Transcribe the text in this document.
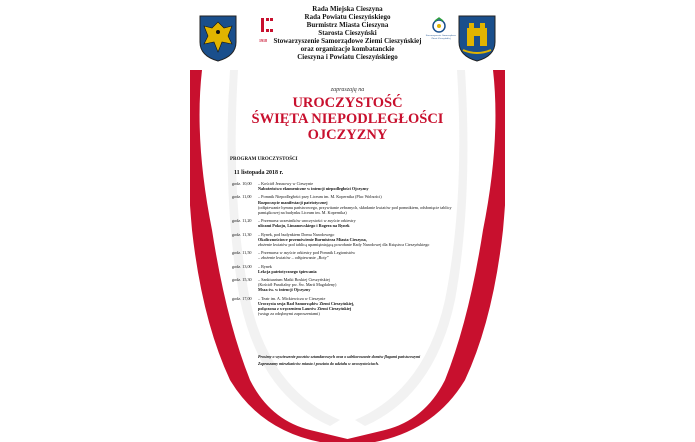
1918
Stowarzyszenie Samorządowe Ziemi Cieszyńskiej
Rada Miejska Cieszyna
Rada Powiatu Cieszyńskiego
Burmistrz Miasta Cieszyna
Starosta Cieszyński
Stowarzyszenie Samorządowe Ziemi Cieszyńskiej
oraz organizacje kombatanckie
Cieszyna i Powiatu Cieszyńskiego
zapraszają na
UROCZYSTOŚĆ
ŚWIĘTA NIEPODLEGŁOŚCI
OJCZYZNY
PROGRAM UROCZYSTOŚCI
11 listopada 2018 r.
godz. 10,00	– Kościół Jezusowy w Cieszynie
Nabożeństwo ekumeniczne w intencji niepodległości Ojczyzny
godz. 11,00	– Pomnik Niepodległości przy Liceum im. M. Kopernika (Plac Wolności)
Rozpoczęcie manifestacji patriotycznej
(odśpiewanie hymnu państwowego, przywitanie zebranych, składanie kwiatów pod pomnikiem, odsłonięcie tablicy pamiątkowej na budynku Liceum im. M. Kopernika)
godz. 11,20	– Przemarsz uczestników uroczystości w asyście orkiestry
ulicami Pokoju, Limanowskiego i Rogera na Rynek
godz. 11,30	– Rynek, pod budynkiem Domu Narodowego
Okolicznościowe przemówienie Burmistrza Miasta Cieszyna,
złożenie kwiatów pod tablicą upamiętniającą powołanie Rady Narodowej dla Księstwa Cieszyńskiego
godz. 11,50	– Przemarsz w asyście orkiestry pod Pomnik Legionistów
– złożenie kwiatów – odśpiewanie „Roty”
godz. 13,00	– Rynek
Lekcja patriotycznego śpiewania
godz. 15,30	– Sanktuarium Matki Boskiej Cieszyńskiej
(Kościół Parafialny pw. Św. Marii Magdaleny)
Msza św. w intencji Ojczyzny
godz. 17,00	– Teatr im. A. Mickiewicza w Cieszynie
Uroczysta sesja Rad Samorządów Ziemi Cieszyńskiej,
połączona z wręczeniem Laurów Ziemi Cieszyńskiej
(wstęp za odrębnymi zaproszeniami)

Prosimy o wywieszenie pocztów sztandarowych oraz o udekorowanie domów flagami państwowymi

Zapraszamy mieszkańców miasta i powiatu do udziału w uroczystościach.
